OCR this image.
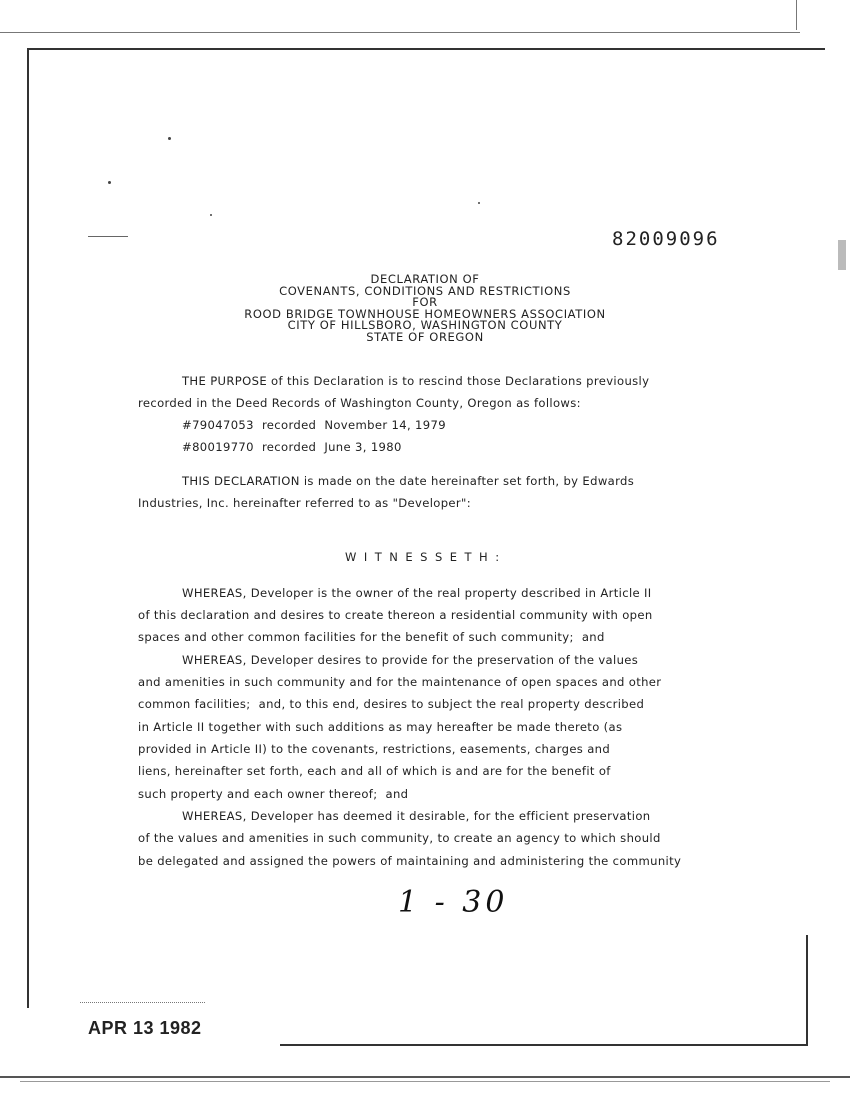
82009096
DECLARATION OF
COVENANTS, CONDITIONS AND RESTRICTIONS
FOR
ROOD BRIDGE TOWNHOUSE HOMEOWNERS ASSOCIATION
CITY OF HILLSBORO, WASHINGTON COUNTY
STATE OF OREGON
THE PURPOSE of this Declaration is to rescind those Declarations previously
recorded in the Deed Records of Washington County, Oregon as follows:
#79047053  recorded  November 14, 1979
#80019770  recorded  June 3, 1980
THIS DECLARATION is made on the date hereinafter set forth, by Edwards
Industries, Inc. hereinafter referred to as "Developer":
WITNESSETH:
WHEREAS, Developer is the owner of the real property described in Article II
of this declaration and desires to create thereon a residential community with open
spaces and other common facilities for the benefit of such community;  and
WHEREAS, Developer desires to provide for the preservation of the values
and amenities in such community and for the maintenance of open spaces and other
common facilities;  and, to this end, desires to subject the real property described
in Article II together with such additions as may hereafter be made thereto (as
provided in Article II) to the covenants, restrictions, easements, charges and
liens, hereinafter set forth, each and all of which is and are for the benefit of
such property and each owner thereof;  and
WHEREAS, Developer has deemed it desirable, for the efficient preservation
of the values and amenities in such community, to create an agency to which should
be delegated and assigned the powers of maintaining and administering the community
1 - 30
APR 13 1982
